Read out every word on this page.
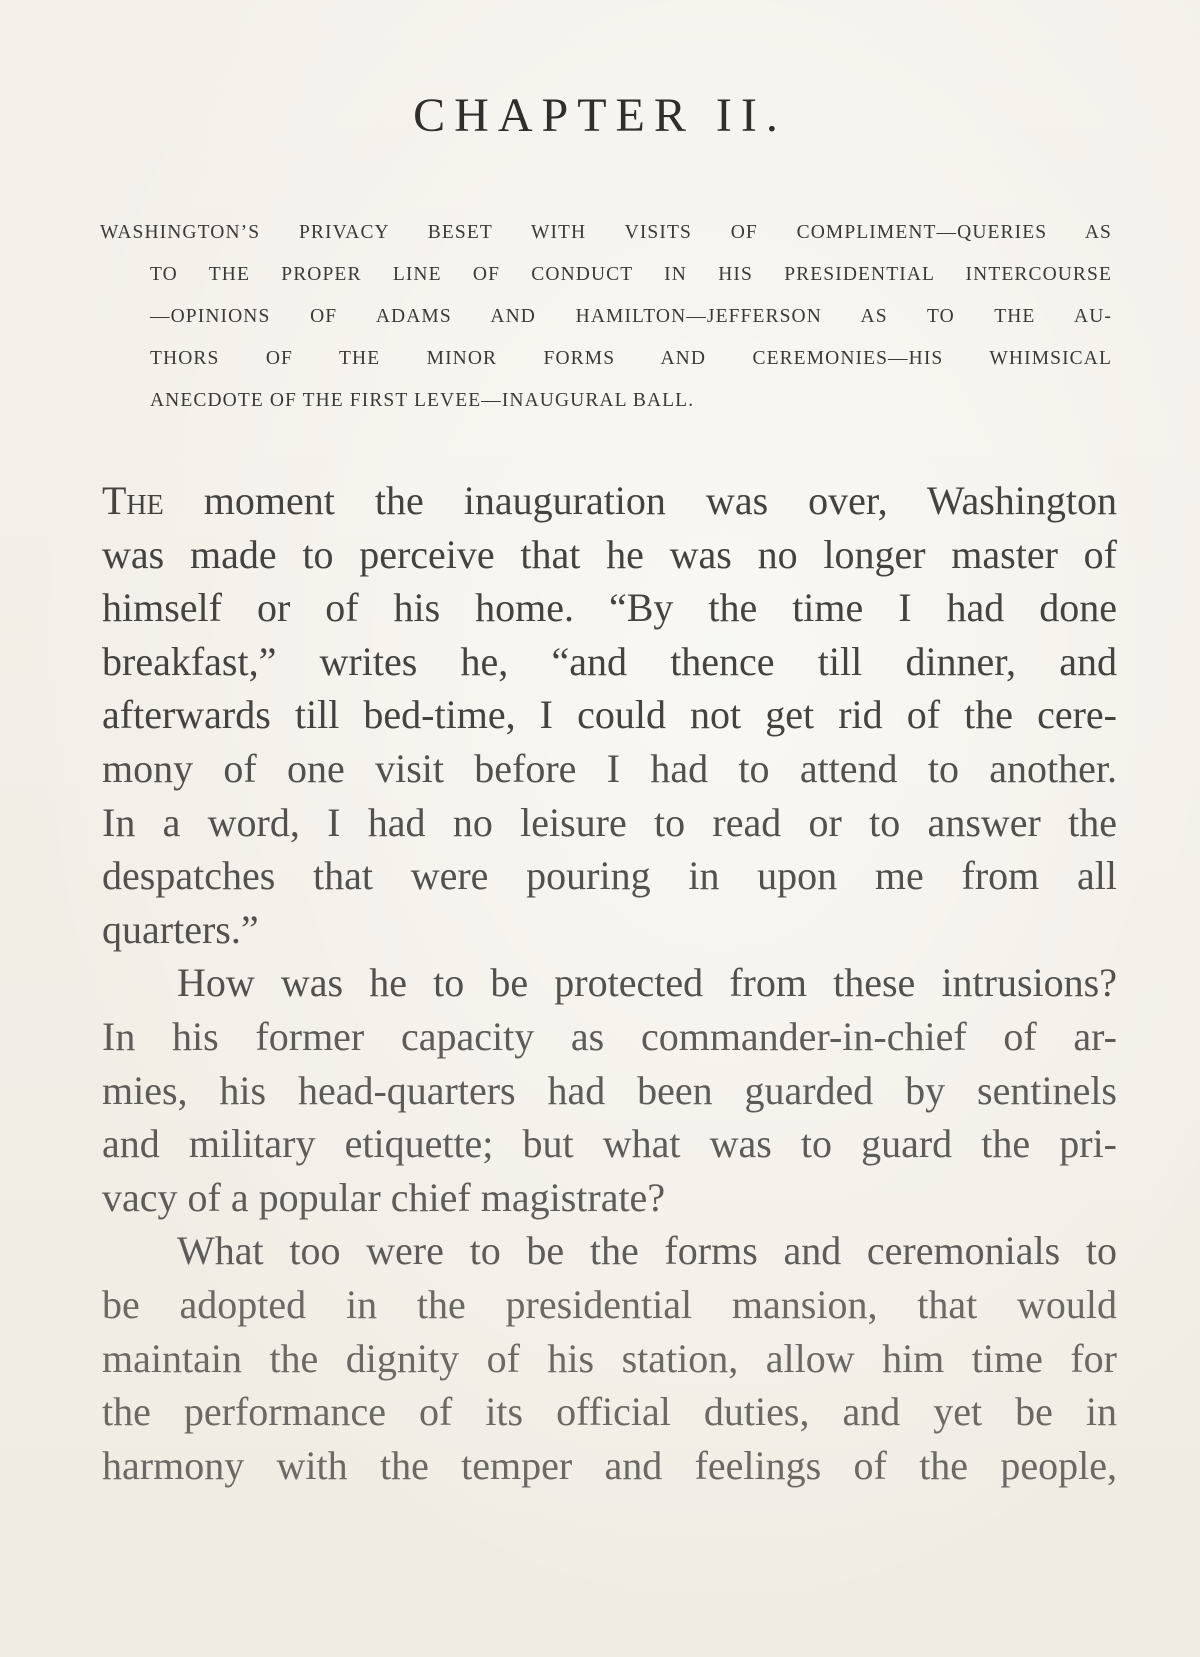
CHAPTER II.
WASHINGTON’S PRIVACY BESET WITH VISITS OF COMPLIMENT—QUERIES AS
TO THE PROPER LINE OF CONDUCT IN HIS PRESIDENTIAL INTERCOURSE
—OPINIONS OF ADAMS AND HAMILTON—JEFFERSON AS TO THE AU-
THORS OF THE MINOR FORMS AND CEREMONIES—HIS WHIMSICAL
ANECDOTE OF THE FIRST LEVEE—INAUGURAL BALL.
The moment the inauguration was over, Washington
was made to perceive that he was no longer master of
himself or of his home. “By the time I had done
breakfast,” writes he, “and thence till dinner, and
afterwards till bed-time, I could not get rid of the cere-
mony of one visit before I had to attend to another.
In a word, I had no leisure to read or to answer the
despatches that were pouring in upon me from all
quarters.”
How was he to be protected from these intrusions?
In his former capacity as commander-in-chief of ar-
mies, his head-quarters had been guarded by sentinels
and military etiquette; but what was to guard the pri-
vacy of a popular chief magistrate?
What too were to be the forms and ceremonials to
be adopted in the presidential mansion, that would
maintain the dignity of his station, allow him time for
the performance of its official duties, and yet be in
harmony with the temper and feelings of the people,
